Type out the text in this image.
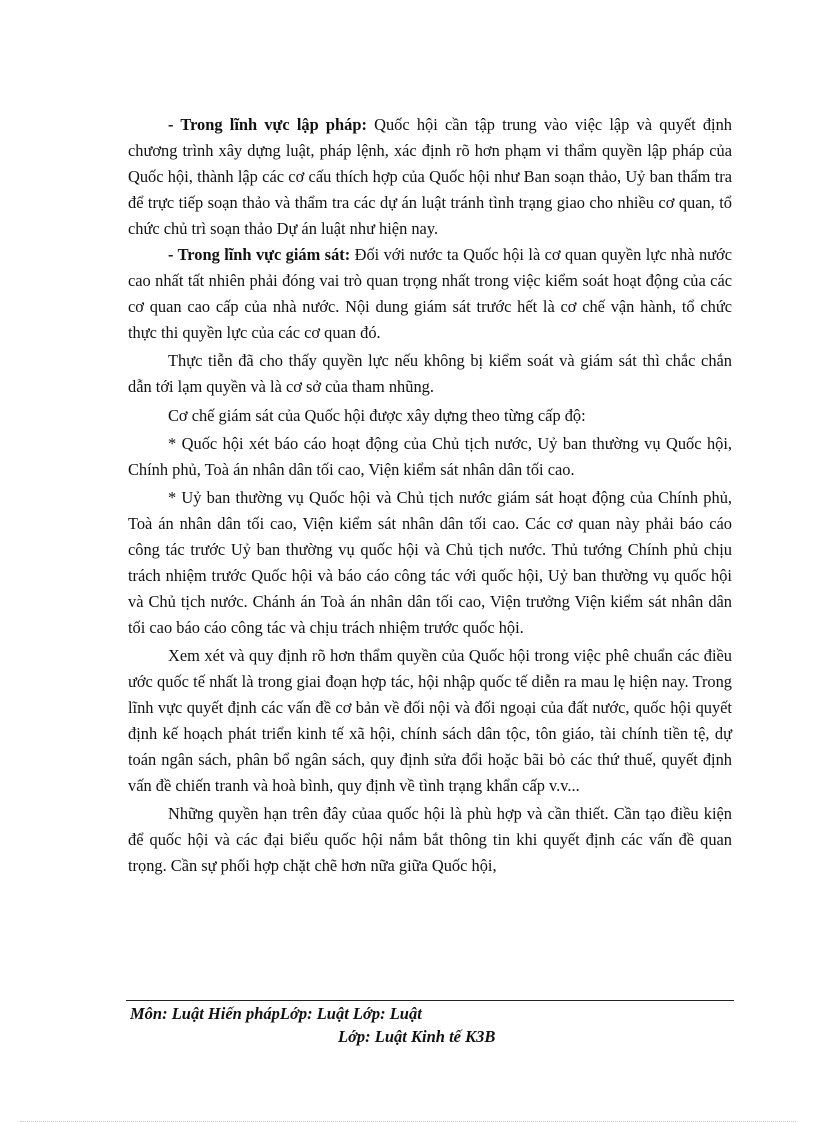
- Trong lĩnh vực lập pháp: Quốc hội cần tập trung vào việc lập và quyết định chương trình xây dựng luật, pháp lệnh, xác định rõ hơn phạm vi thẩm quyền lập pháp của Quốc hội, thành lập các cơ cấu thích hợp của Quốc hội như Ban soạn thảo, Uỷ ban thẩm tra để trực tiếp soạn thảo và thẩm tra các dự án luật tránh tình trạng giao cho nhiều cơ quan, tổ chức chủ trì soạn thảo Dự án luật như hiện nay.

- Trong lĩnh vực giám sát: Đối với nước ta Quốc hội là cơ quan quyền lực nhà nước cao nhất tất nhiên phải đóng vai trò quan trọng nhất trong việc kiểm soát hoạt động của các cơ quan cao cấp của nhà nước. Nội dung giám sát trước hết là cơ chế vận hành, tổ chức thực thi quyền lực của các cơ quan đó.

Thực tiễn đã cho thấy quyền lực nếu không bị kiểm soát và giám sát thì chắc chắn dẫn tới lạm quyền và là cơ sở của tham nhũng.

Cơ chế giám sát của Quốc hội được xây dựng theo từng cấp độ:

* Quốc hội xét báo cáo hoạt động của Chủ tịch nước, Uỷ ban thường vụ Quốc hội, Chính phủ, Toà án nhân dân tối cao, Viện kiểm sát nhân dân tối cao.

* Uỷ ban thường vụ Quốc hội và Chủ tịch nước giám sát hoạt động của Chính phủ, Toà án nhân dân tối cao, Viện kiểm sát nhân dân tối cao. Các cơ quan này phải báo cáo công tác trước Uỷ ban thường vụ quốc hội và Chủ tịch nước. Thủ tướng Chính phủ chịu trách nhiệm trước Quốc hội và báo cáo công tác với quốc hội, Uỷ ban thường vụ quốc hội và Chủ tịch nước. Chánh án Toà án nhân dân tối cao, Viện trưởng Viện kiểm sát nhân dân tối cao báo cáo công tác và chịu trách nhiệm trước quốc hội.

Xem xét và quy định rõ hơn thẩm quyền của Quốc hội trong việc phê chuẩn các điều ước quốc tế nhất là trong giai đoạn hợp tác, hội nhập quốc tế diễn ra mau lẹ hiện nay. Trong lĩnh vực quyết định các vấn đề cơ bản về đối nội và đối ngoại của đất nước, quốc hội quyết định kế hoạch phát triển kinh tế xã hội, chính sách dân tộc, tôn giáo, tài chính tiền tệ, dự toán ngân sách, phân bổ ngân sách, quy định sửa đổi hoặc bãi bỏ các thứ thuế, quyết định vấn đề chiến tranh và hoà bình, quy định về tình trạng khẩn cấp v.v...

Những quyền hạn trên đây củaa quốc hội là phù hợp và cần thiết. Cần tạo điều kiện để quốc hội và các đại biểu quốc hội nắm bắt thông tin khi quyết định các vấn đề quan trọng. Cần sự phối hợp chặt chẽ hơn nữa giữa Quốc hội,

Môn: Luật Hiến phápLớp: Luật Lớp: Luật
Lớp: Luật Kinh tế K3B
